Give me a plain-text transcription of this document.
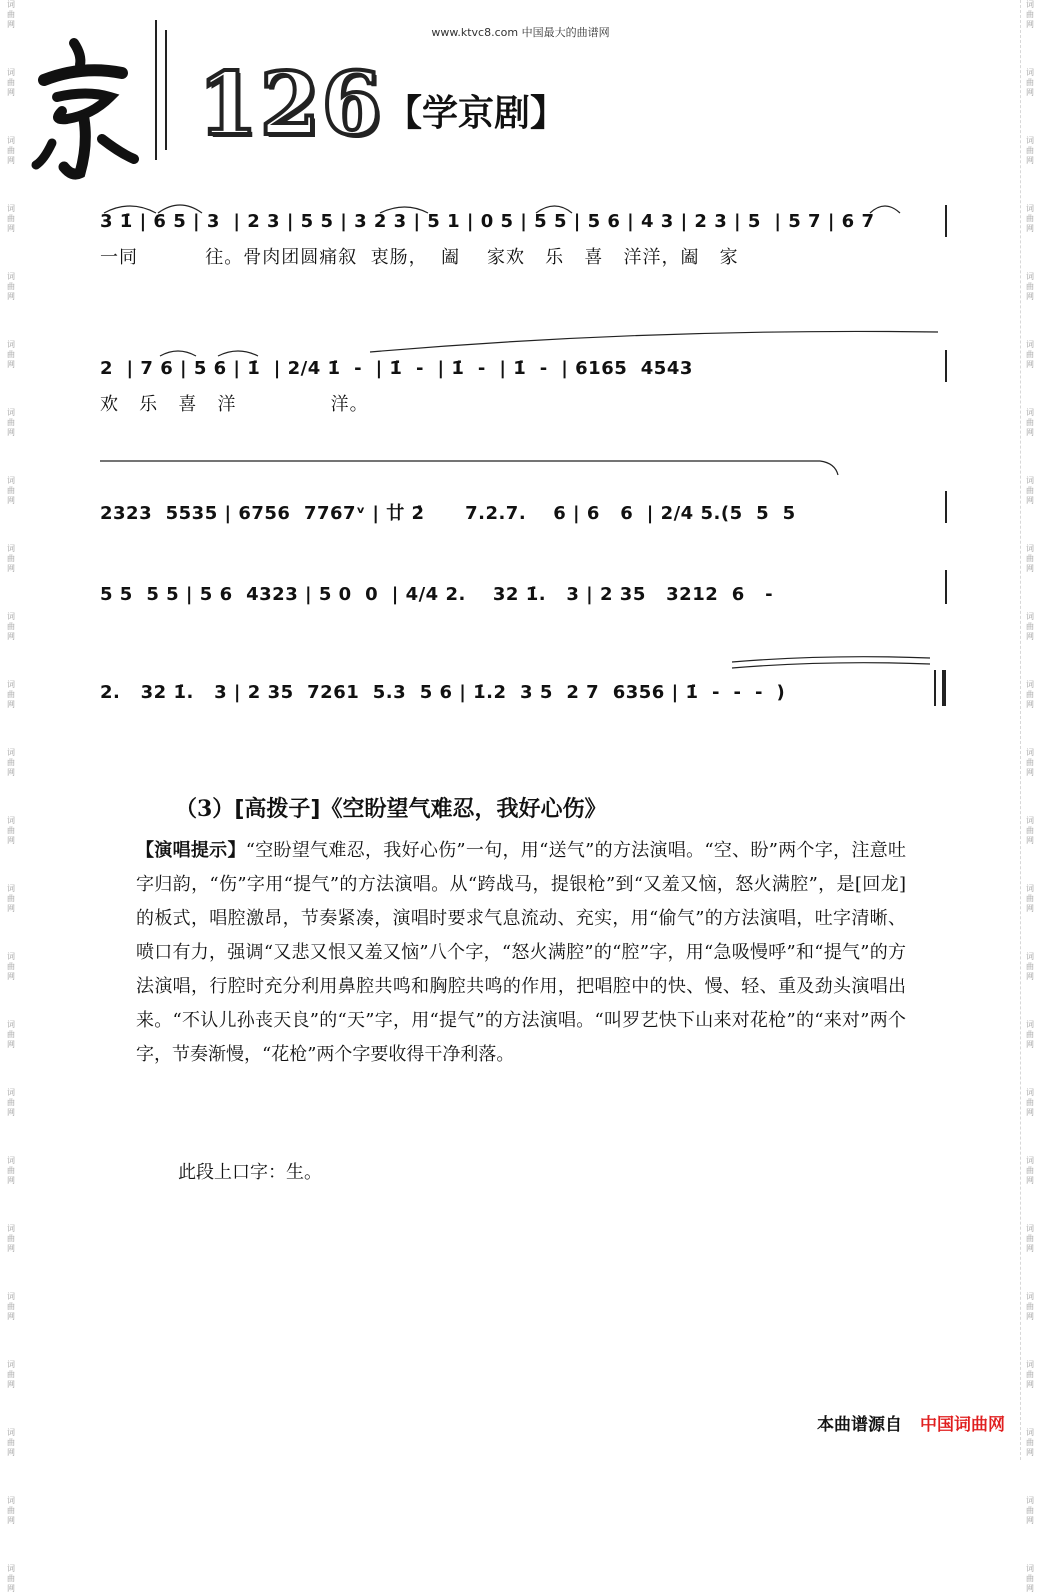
词
曲
网
词
曲
网
词
曲
网
词
曲
网
词
曲
网
词
曲
网
词
曲
网
词
曲
网
词
曲
网
词
曲
网
词
曲
网
词
曲
网
词
曲
网
词
曲
网
词
曲
网
词
曲
网
词
曲
网
词
曲
网
词
曲
网
词
曲
网
词
曲
网
词
曲
网
词
曲
网
词
曲
网
词
曲
网
词
曲
网
词
曲
网
词
曲
网
词
曲
网
词
曲
网
词
曲
网
词
曲
网
词
曲
网
词
曲
网
词
曲
网
词
曲
网
词
曲
网
词
曲
网
词
曲
网
词
曲
网
词
曲
网
词
曲
网
词
曲
网
词
曲
网
词
曲
网
词
曲
网
词
曲
网
词
曲
网
www.ktvc8.com 中国最大的曲谱网
126 【学京剧】
3 1̇ | 6 5 | 3  | 2 3 | 5 5 | 3 2 3 | 5 1 | 0 5 | 5 5 | 5 6 | 4 3 | 2 3 | 5  | 5 7 | 6 7
一同          往。骨肉团圆痛叙  衷肠，  阖    家欢   乐   喜   洋洋，阖   家
2  | 7 6 | 5 6 | 1̇  | 2/4 1̇  -  | 1̇  -  | 1̇  -  | 1̇  -  | 6165  4543
欢   乐   喜   洋              洋。
2323  5535 | 6756  7767ᵛ | 廿 2̇      7.2.7.    6 | 6   6  | 2/4 5.(5  5  5
5 5  5 5 | 5 6  4323 | 5 0  0  | 4/4 2.    32 1̇.   3 | 2 35   3212  6   -
2.   32 1̇.   3 | 2 35  7261  5.3  5 6 | 1̇.2  3 5  2 7  6356 | 1̇  -  -  -  )
（3）[高拨子]《空盼望气难忍，我好心伤》
【演唱提示】“空盼望气难忍，我好心伤”一句，用“送气”的方法演唱。“空、盼”两个字，注意吐字归韵，“伤”字用“提气”的方法演唱。从“跨战马，提银枪”到“又羞又恼，怒火满腔”，是[回龙]的板式，唱腔激昂，节奏紧凑，演唱时要求气息流动、充实，用“偷气”的方法演唱，吐字清晰、喷口有力，强调“又悲又恨又羞又恼”八个字，“怒火满腔”的“腔”字，用“急吸慢呼”和“提气”的方法演唱，行腔时充分利用鼻腔共鸣和胸腔共鸣的作用，把唱腔中的快、慢、轻、重及劲头演唱出来。“不认儿孙丧天良”的“天”字，用“提气”的方法演唱。“叫罗艺快下山来对花枪”的“来对”两个字，节奏渐慢，“花枪”两个字要收得干净利落。
此段上口字：生。
本曲谱源自 中国词曲网
